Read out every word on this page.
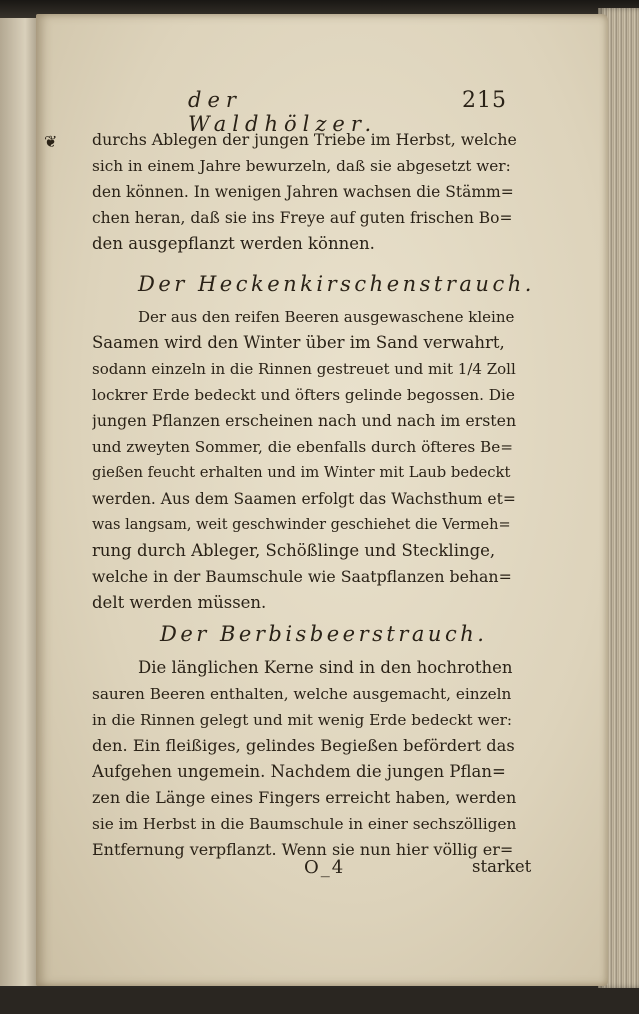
der Waldhölzer.
215
❦ durchs Ablegen der jungen Triebe im Herbst, welche
sich in einem Jahre bewurzeln, daß sie abgesetzt wer:
den können. In wenigen Jahren wachsen die Stämm=
chen heran, daß sie ins Freye auf guten frischen Bo=
den ausgepflanzt werden können.
Der Heckenkirschenstrauch.
Der aus den reifen Beeren ausgewaschene kleine
Saamen wird den Winter über im Sand verwahrt,
sodann einzeln in die Rinnen gestreuet und mit 1/4 Zoll
lockrer Erde bedeckt und öfters gelinde begossen. Die
jungen Pflanzen erscheinen nach und nach im ersten
und zweyten Sommer, die ebenfalls durch öfteres Be=
gießen feucht erhalten und im Winter mit Laub bedeckt
werden. Aus dem Saamen erfolgt das Wachsthum et=
was langsam, weit geschwinder geschiehet die Vermeh=
rung durch Ableger, Schößlinge und Stecklinge,
welche in der Baumschule wie Saatpflanzen behan=
delt werden müssen.
Der Berbisbeerstrauch.
Die länglichen Kerne sind in den hochrothen
sauren Beeren enthalten, welche ausgemacht, einzeln
in die Rinnen gelegt und mit wenig Erde bedeckt wer:
den. Ein fleißiges, gelindes Begießen befördert das
Aufgehen ungemein. Nachdem die jungen Pflan=
zen die Länge eines Fingers erreicht haben, werden
sie im Herbst in die Baumschule in einer sechszölligen
Entfernung verpflanzt. Wenn sie nun hier völlig er=
O_4	starket
